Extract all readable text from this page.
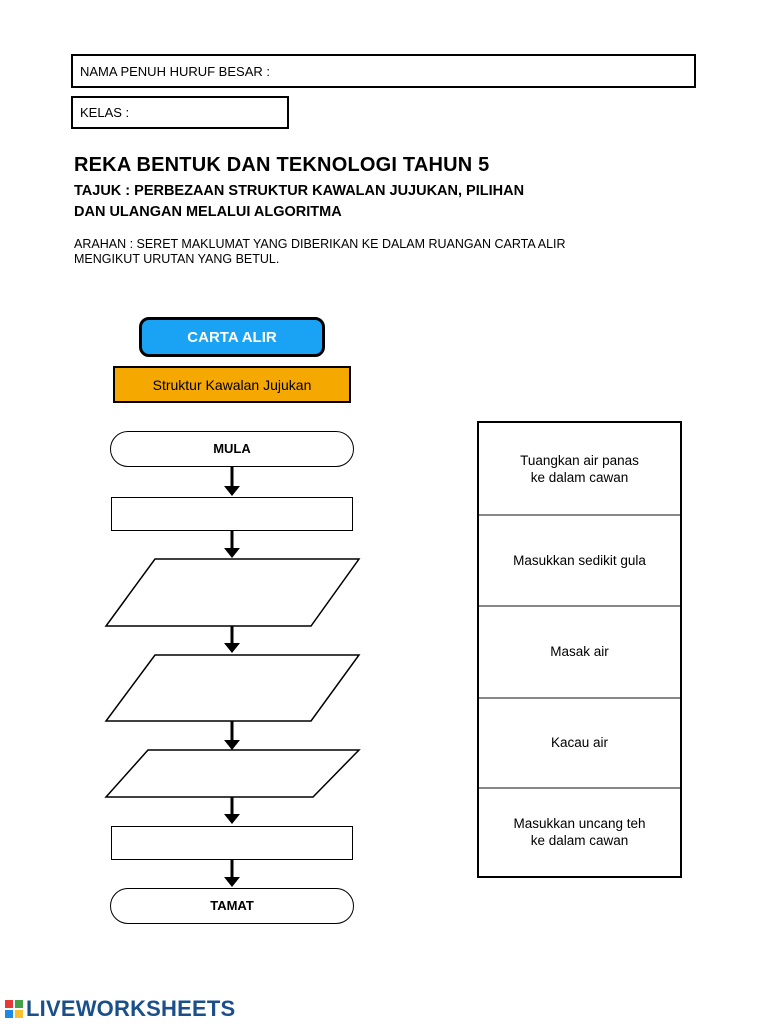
NAMA PENUH HURUF BESAR :
KELAS :
REKA BENTUK DAN TEKNOLOGI TAHUN 5
TAJUK : PERBEZAAN STRUKTUR KAWALAN JUJUKAN, PILIHAN
DAN ULANGAN MELALUI ALGORITMA
ARAHAN : SERET MAKLUMAT YANG DIBERIKAN KE DALAM RUANGAN CARTA ALIR
MENGIKUT URUTAN YANG BETUL.
CARTA ALIR
Struktur Kawalan Jujukan
MULA
TAMAT
Tuangkan air panas
ke dalam cawan
Masukkan sedikit gula
Masak air
Kacau air
Masukkan uncang teh
ke dalam cawan
LIVEWORKSHEETS
